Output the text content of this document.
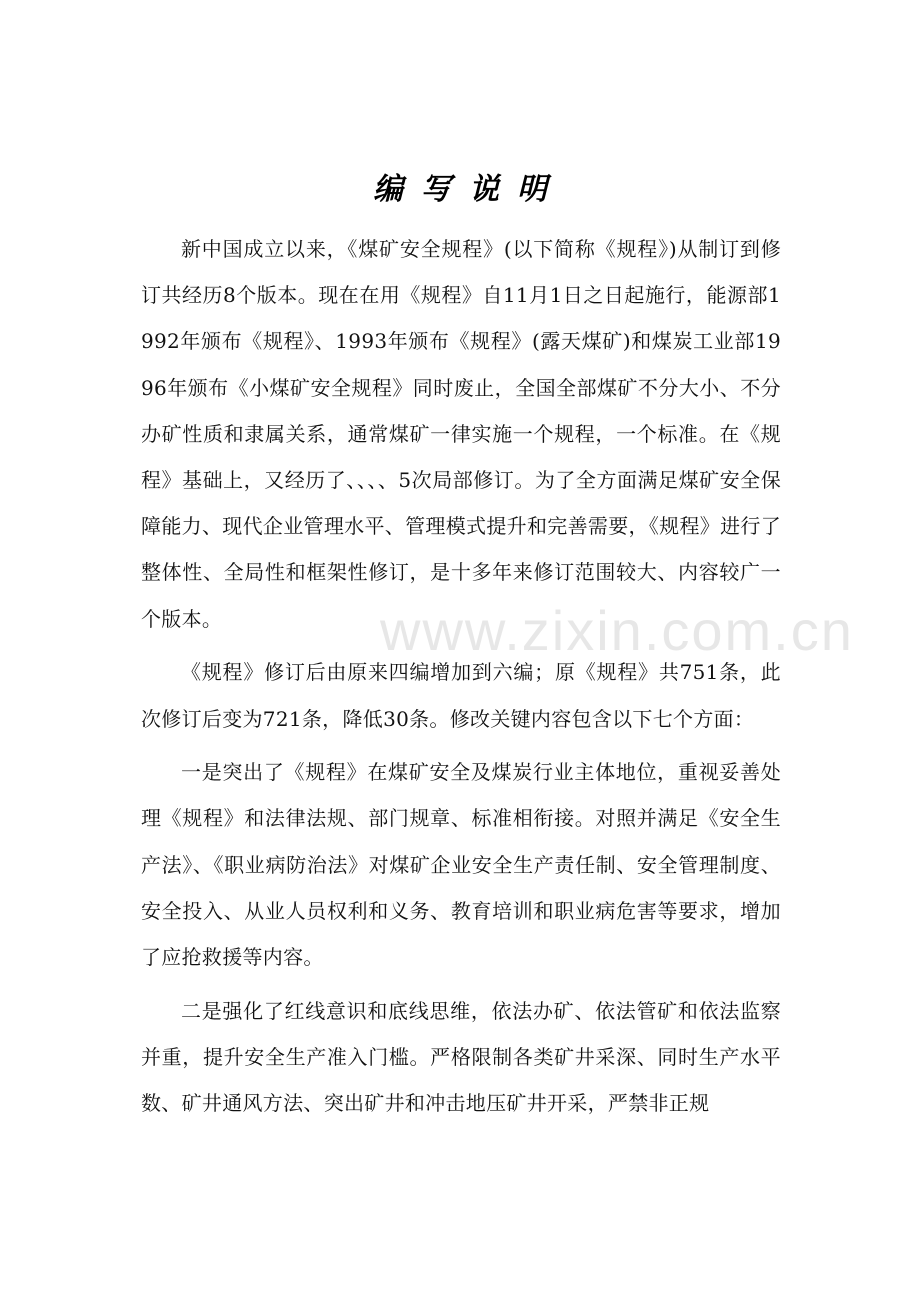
编写说明

新中国成立以来，《煤矿安全规程》(以下简称《规程》)从制订到修订共经历8个版本。现在在用《规程》自11月1日之日起施行，能源部1992年颁布《规程》、1993年颁布《规程》(露天煤矿)和煤炭工业部1996年颁布《小煤矿安全规程》同时废止，全国全部煤矿不分大小、不分办矿性质和隶属关系，通常煤矿一律实施一个规程，一个标准。在《规程》基础上，又经历了、、、、5次局部修订。为了全方面满足煤矿安全保障能力、现代企业管理水平、管理模式提升和完善需要，《规程》进行了整体性、全局性和框架性修订，是十多年来修订范围较大、内容较广一个版本。

《规程》修订后由原来四编增加到六编；原《规程》共751条，此次修订后变为721条，降低30条。修改关键内容包含以下七个方面：

一是突出了《规程》在煤矿安全及煤炭行业主体地位，重视妥善处理《规程》和法律法规、部门规章、标准相衔接。对照并满足《安全生产法》、《职业病防治法》对煤矿企业安全生产责任制、安全管理制度、安全投入、从业人员权利和义务、教育培训和职业病危害等要求，增加了应抢救援等内容。

二是强化了红线意识和底线思维，依法办矿、依法管矿和依法监察并重，提升安全生产准入门槛。严格限制各类矿井采深、同时生产水平数、矿井通风方法、突出矿井和冲击地压矿井开采，严禁非正规

www.zixin.com.cn
